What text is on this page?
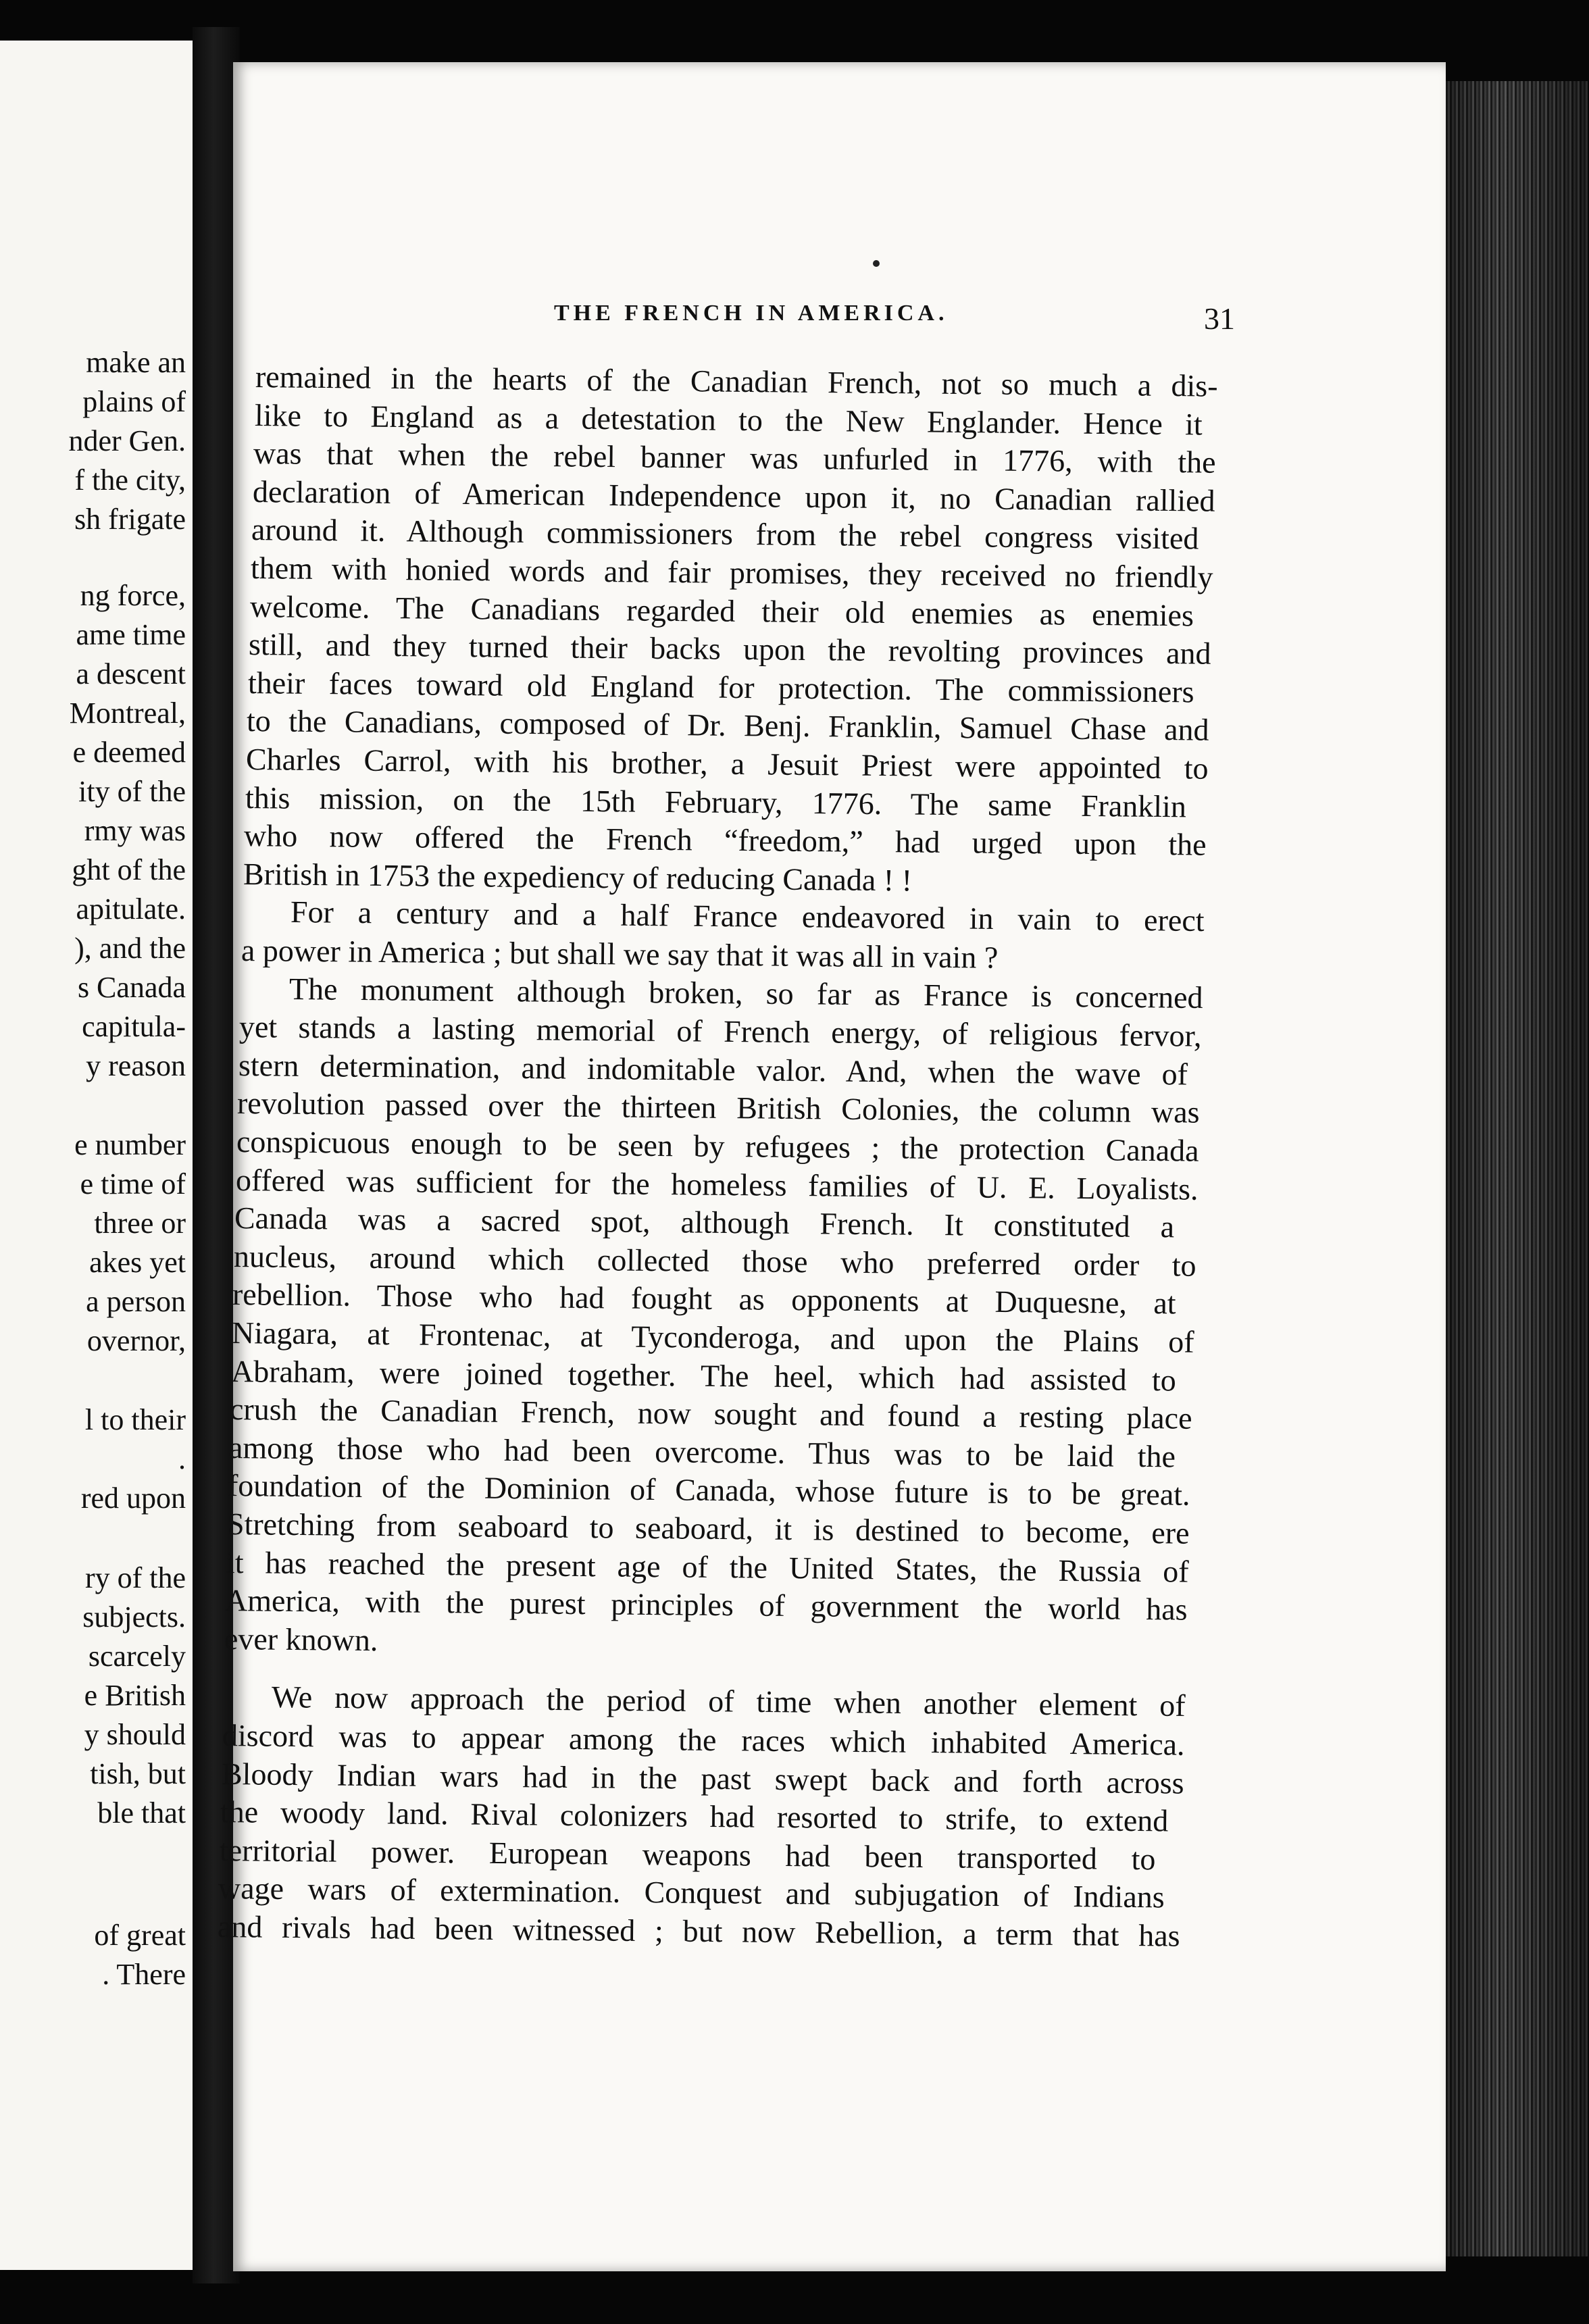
make an
plains of
nder Gen.
f the city,
sh frigate
ng force,
ame time
a descent
Montreal,
e deemed
ity of the
rmy was
ght of the
apitulate.
), and the
s Canada
capitula-
y reason
e number
e time of
three or
akes yet
a person
overnor,
l to their
.
red upon
ry of the
subjects.
scarcely
e British
y should
tish, but
ble that
of great
. There
THE FRENCH IN AMERICA.	31
remained in the hearts of the Canadian French, not so much a dis-
like to England as a detestation to the New Englander. Hence it
was that when the rebel banner was unfurled in 1776, with the
declaration of American Independence upon it, no Canadian rallied
around it. Although commissioners from the rebel congress visited
them with honied words and fair promises, they received no friendly
welcome. The Canadians regarded their old enemies as enemies
still, and they turned their backs upon the revolting provinces and
their faces toward old England for protection. The commissioners
to the Canadians, composed of Dr. Benj. Franklin, Samuel Chase and
Charles Carrol, with his brother, a Jesuit Priest were appointed to
this mission, on the 15th February, 1776. The same Franklin
who now offered the French “freedom,” had urged upon the
British in 1753 the expediency of reducing Canada ! !
For a century and a half France endeavored in vain to erect
a power in America ; but shall we say that it was all in vain ?
The monument although broken, so far as France is concerned
yet stands a lasting memorial of French energy, of religious fervor,
stern determination, and indomitable valor. And, when the wave of
revolution passed over the thirteen British Colonies, the column was
conspicuous enough to be seen by refugees ; the protection Canada
offered was sufficient for the homeless families of U. E. Loyalists.
Canada was a sacred spot, although French. It constituted a
nucleus, around which collected those who preferred order to
rebellion. Those who had fought as opponents at Duquesne, at
Niagara, at Frontenac, at Tyconderoga, and upon the Plains of
Abraham, were joined together. The heel, which had assisted to
crush the Canadian French, now sought and found a resting place
among those who had been overcome. Thus was to be laid the
foundation of the Dominion of Canada, whose future is to be great.
Stretching from seaboard to seaboard, it is destined to become, ere
it has reached the present age of the United States, the Russia of
America, with the purest principles of government the world has
ever known.
We now approach the period of time when another element of
discord was to appear among the races which inhabited America.
Bloody Indian wars had in the past swept back and forth across
the woody land. Rival colonizers had resorted to strife, to extend
territorial power. European weapons had been transported to
wage wars of extermination. Conquest and subjugation of Indians
and rivals had been witnessed ; but now Rebellion, a term that has
